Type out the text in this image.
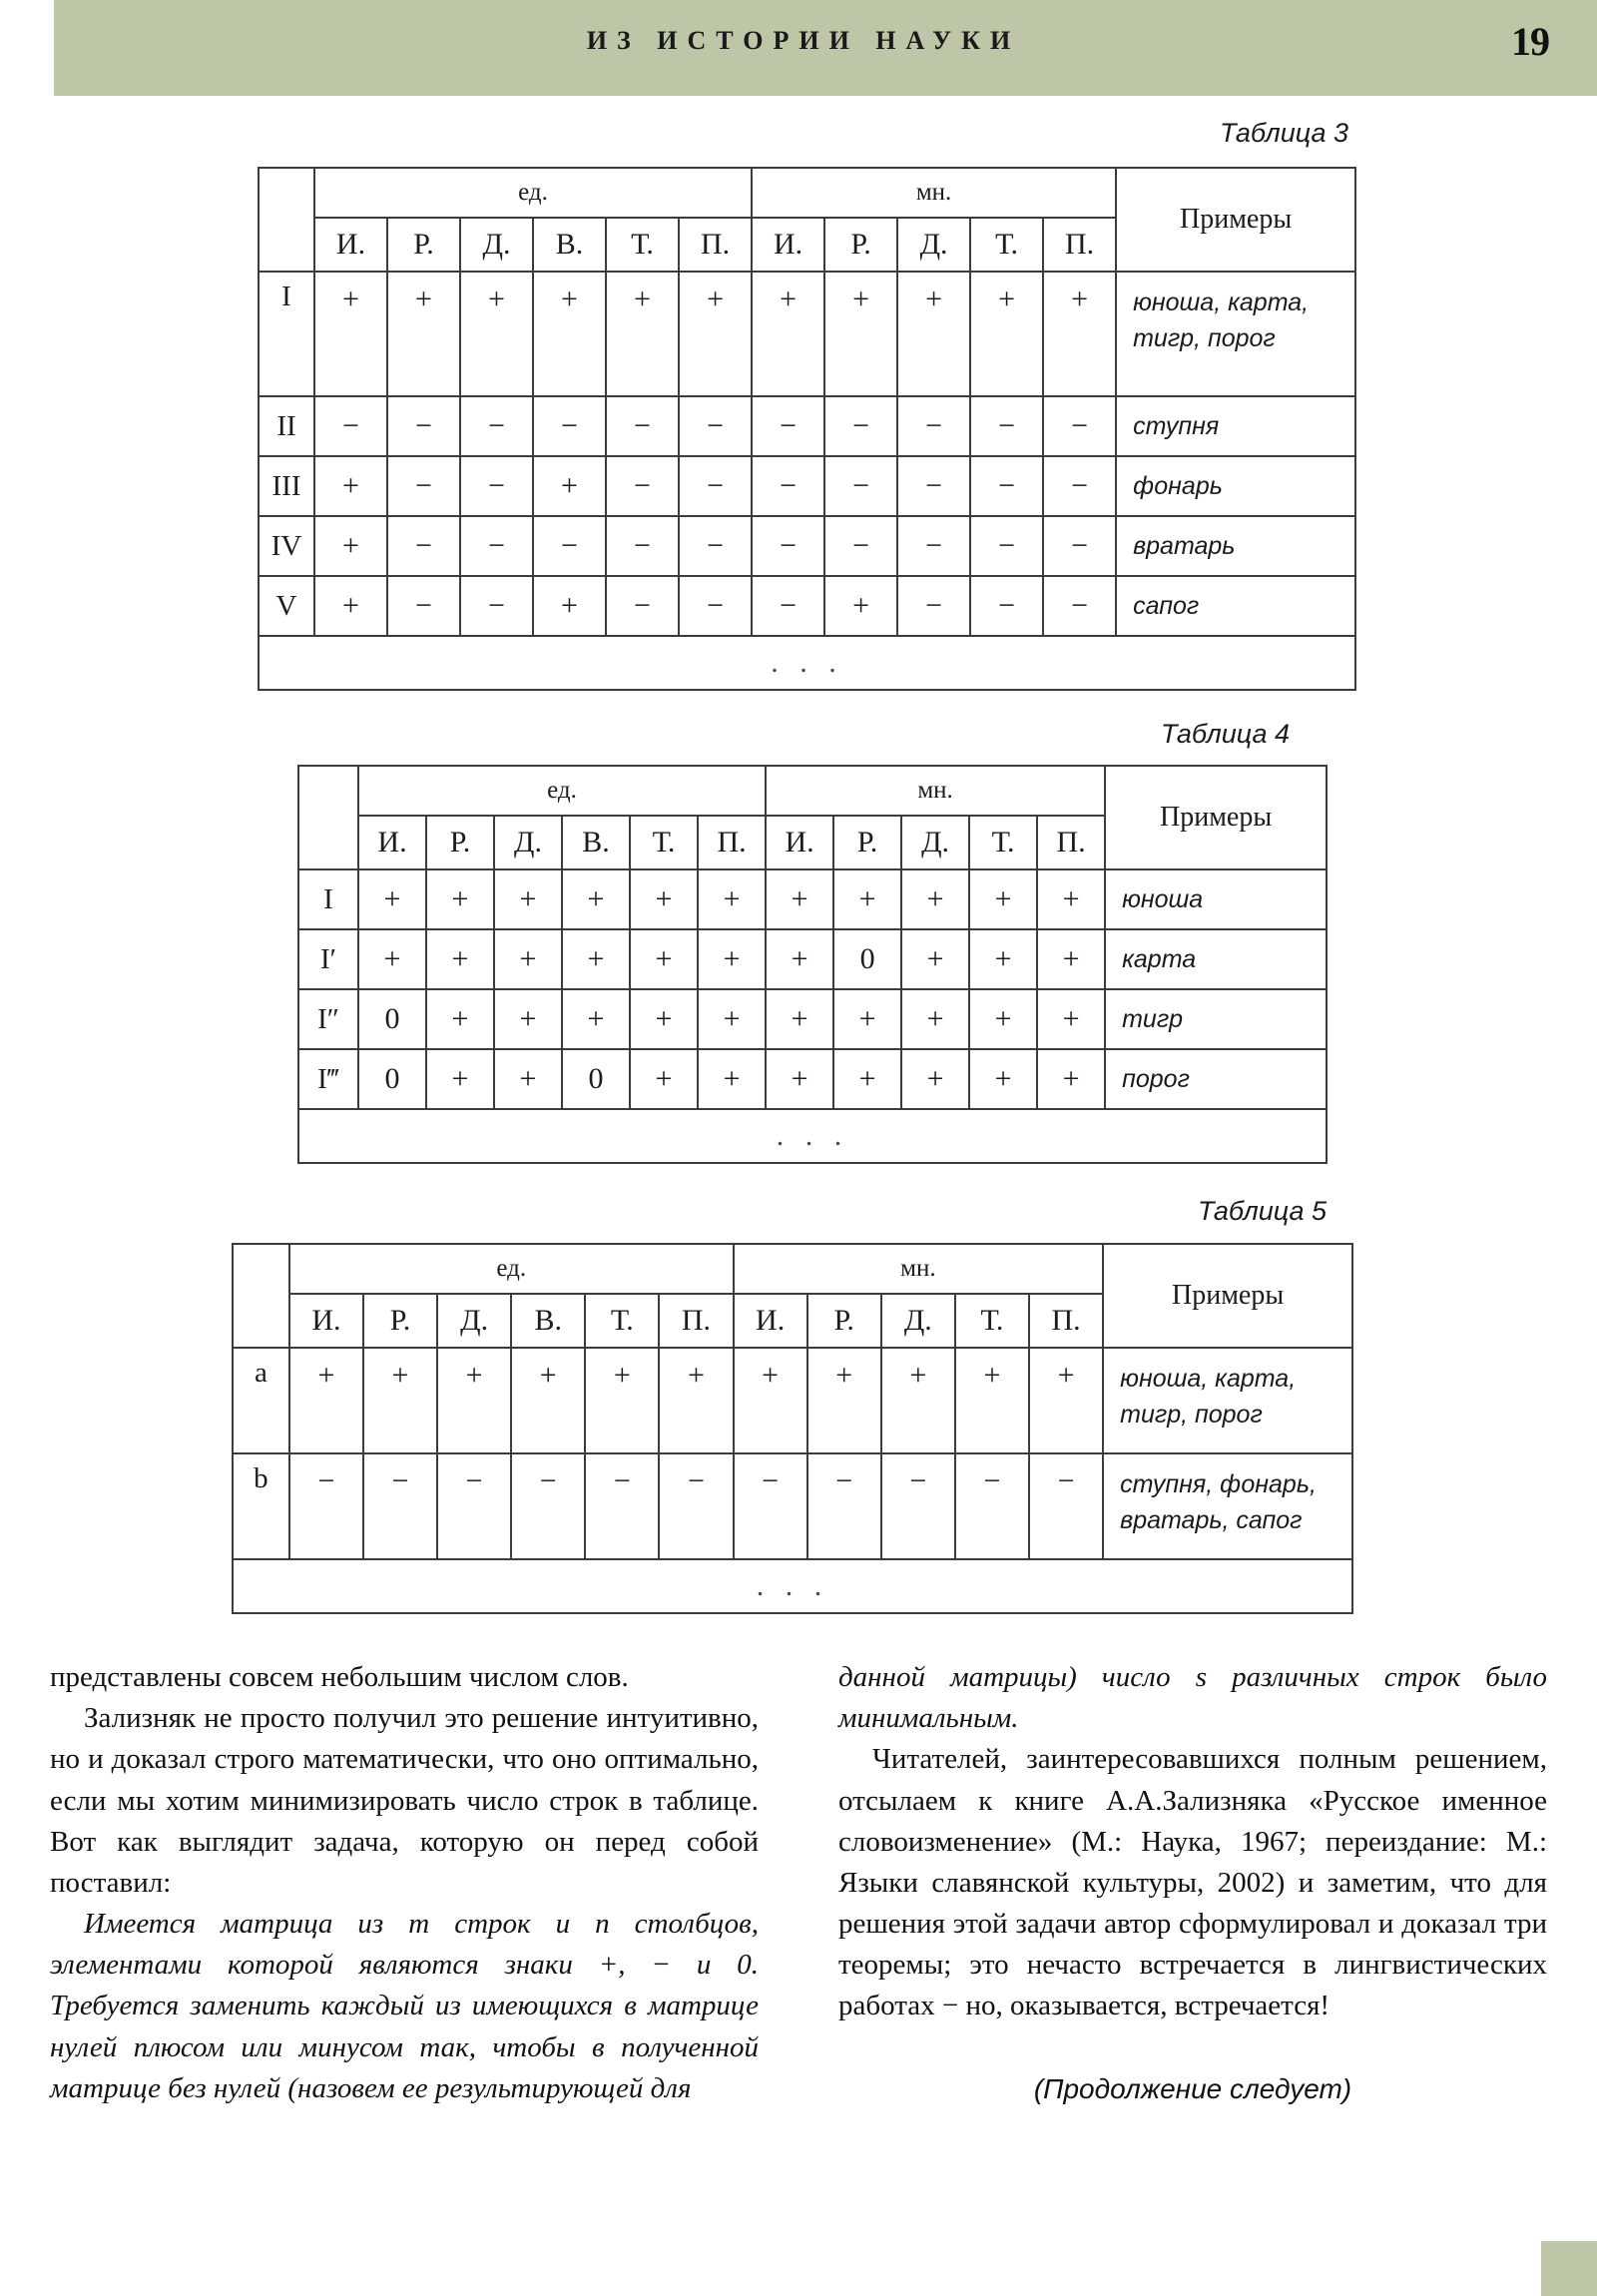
ИЗ ИСТОРИИ НАУКИ	19
Таблица 3
	ед.						мн.					Примеры
	И.	Р.	Д.	В.	Т.	П.	И.	Р.	Д.	Т.	П.	
I	+	+	+	+	+	+	+	+	+	+	+	юноша, карта, тигр, порог
II	−	−	−	−	−	−	−	−	−	−	−	ступня
III	+	−	−	+	−	−	−	−	−	−	−	фонарь
IV	+	−	−	−	−	−	−	−	−	−	−	вратарь
V	+	−	−	+	−	−	−	+	−	−	−	сапог
. . .												
Таблица 4
	ед.						мн.					Примеры
	И.	Р.	Д.	В.	Т.	П.	И.	Р.	Д.	Т.	П.	
I	+	+	+	+	+	+	+	+	+	+	+	юноша
I′	+	+	+	+	+	+	+	0	+	+	+	карта
I″	0	+	+	+	+	+	+	+	+	+	+	тигр
I‴	0	+	+	0	+	+	+	+	+	+	+	порог
. . .												
Таблица 5
	ед.						мн.					Примеры
	И.	Р.	Д.	В.	Т.	П.	И.	Р.	Д.	Т.	П.	
a	+	+	+	+	+	+	+	+	+	+	+	юноша, карта, тигр, порог
b	−	−	−	−	−	−	−	−	−	−	−	ступня, фонарь, вратарь, сапог
. . .												

представлены совсем небольшим числом слов.

Зализняк не просто получил это решение интуитивно, но и доказал строго математически, что оно оптимально, если мы хотим минимизировать число строк в таблице. Вот как выглядит задача, которую он перед собой поставил:

Имеется матрица из m строк и n столбцов, элементами которой являются знаки +, − и 0. Требуется заменить каждый из имеющихся в матрице нулей плюсом или минусом так, чтобы в полученной матрице без нулей (назовем ее результирующей для

данной матрицы) число s различных строк было минимальным.

Читателей, заинтересовавшихся полным решением, отсылаем к книге А.А.Зализняка «Русское именное словоизменение» (М.: Наука, 1967; переиздание: М.: Языки славянской культуры, 2002) и заметим, что для решения этой задачи автор сформулировал и доказал три теоремы; это нечасто встречается в лингвистических работах − но, оказывается, встречается!

(Продолжение следует)
